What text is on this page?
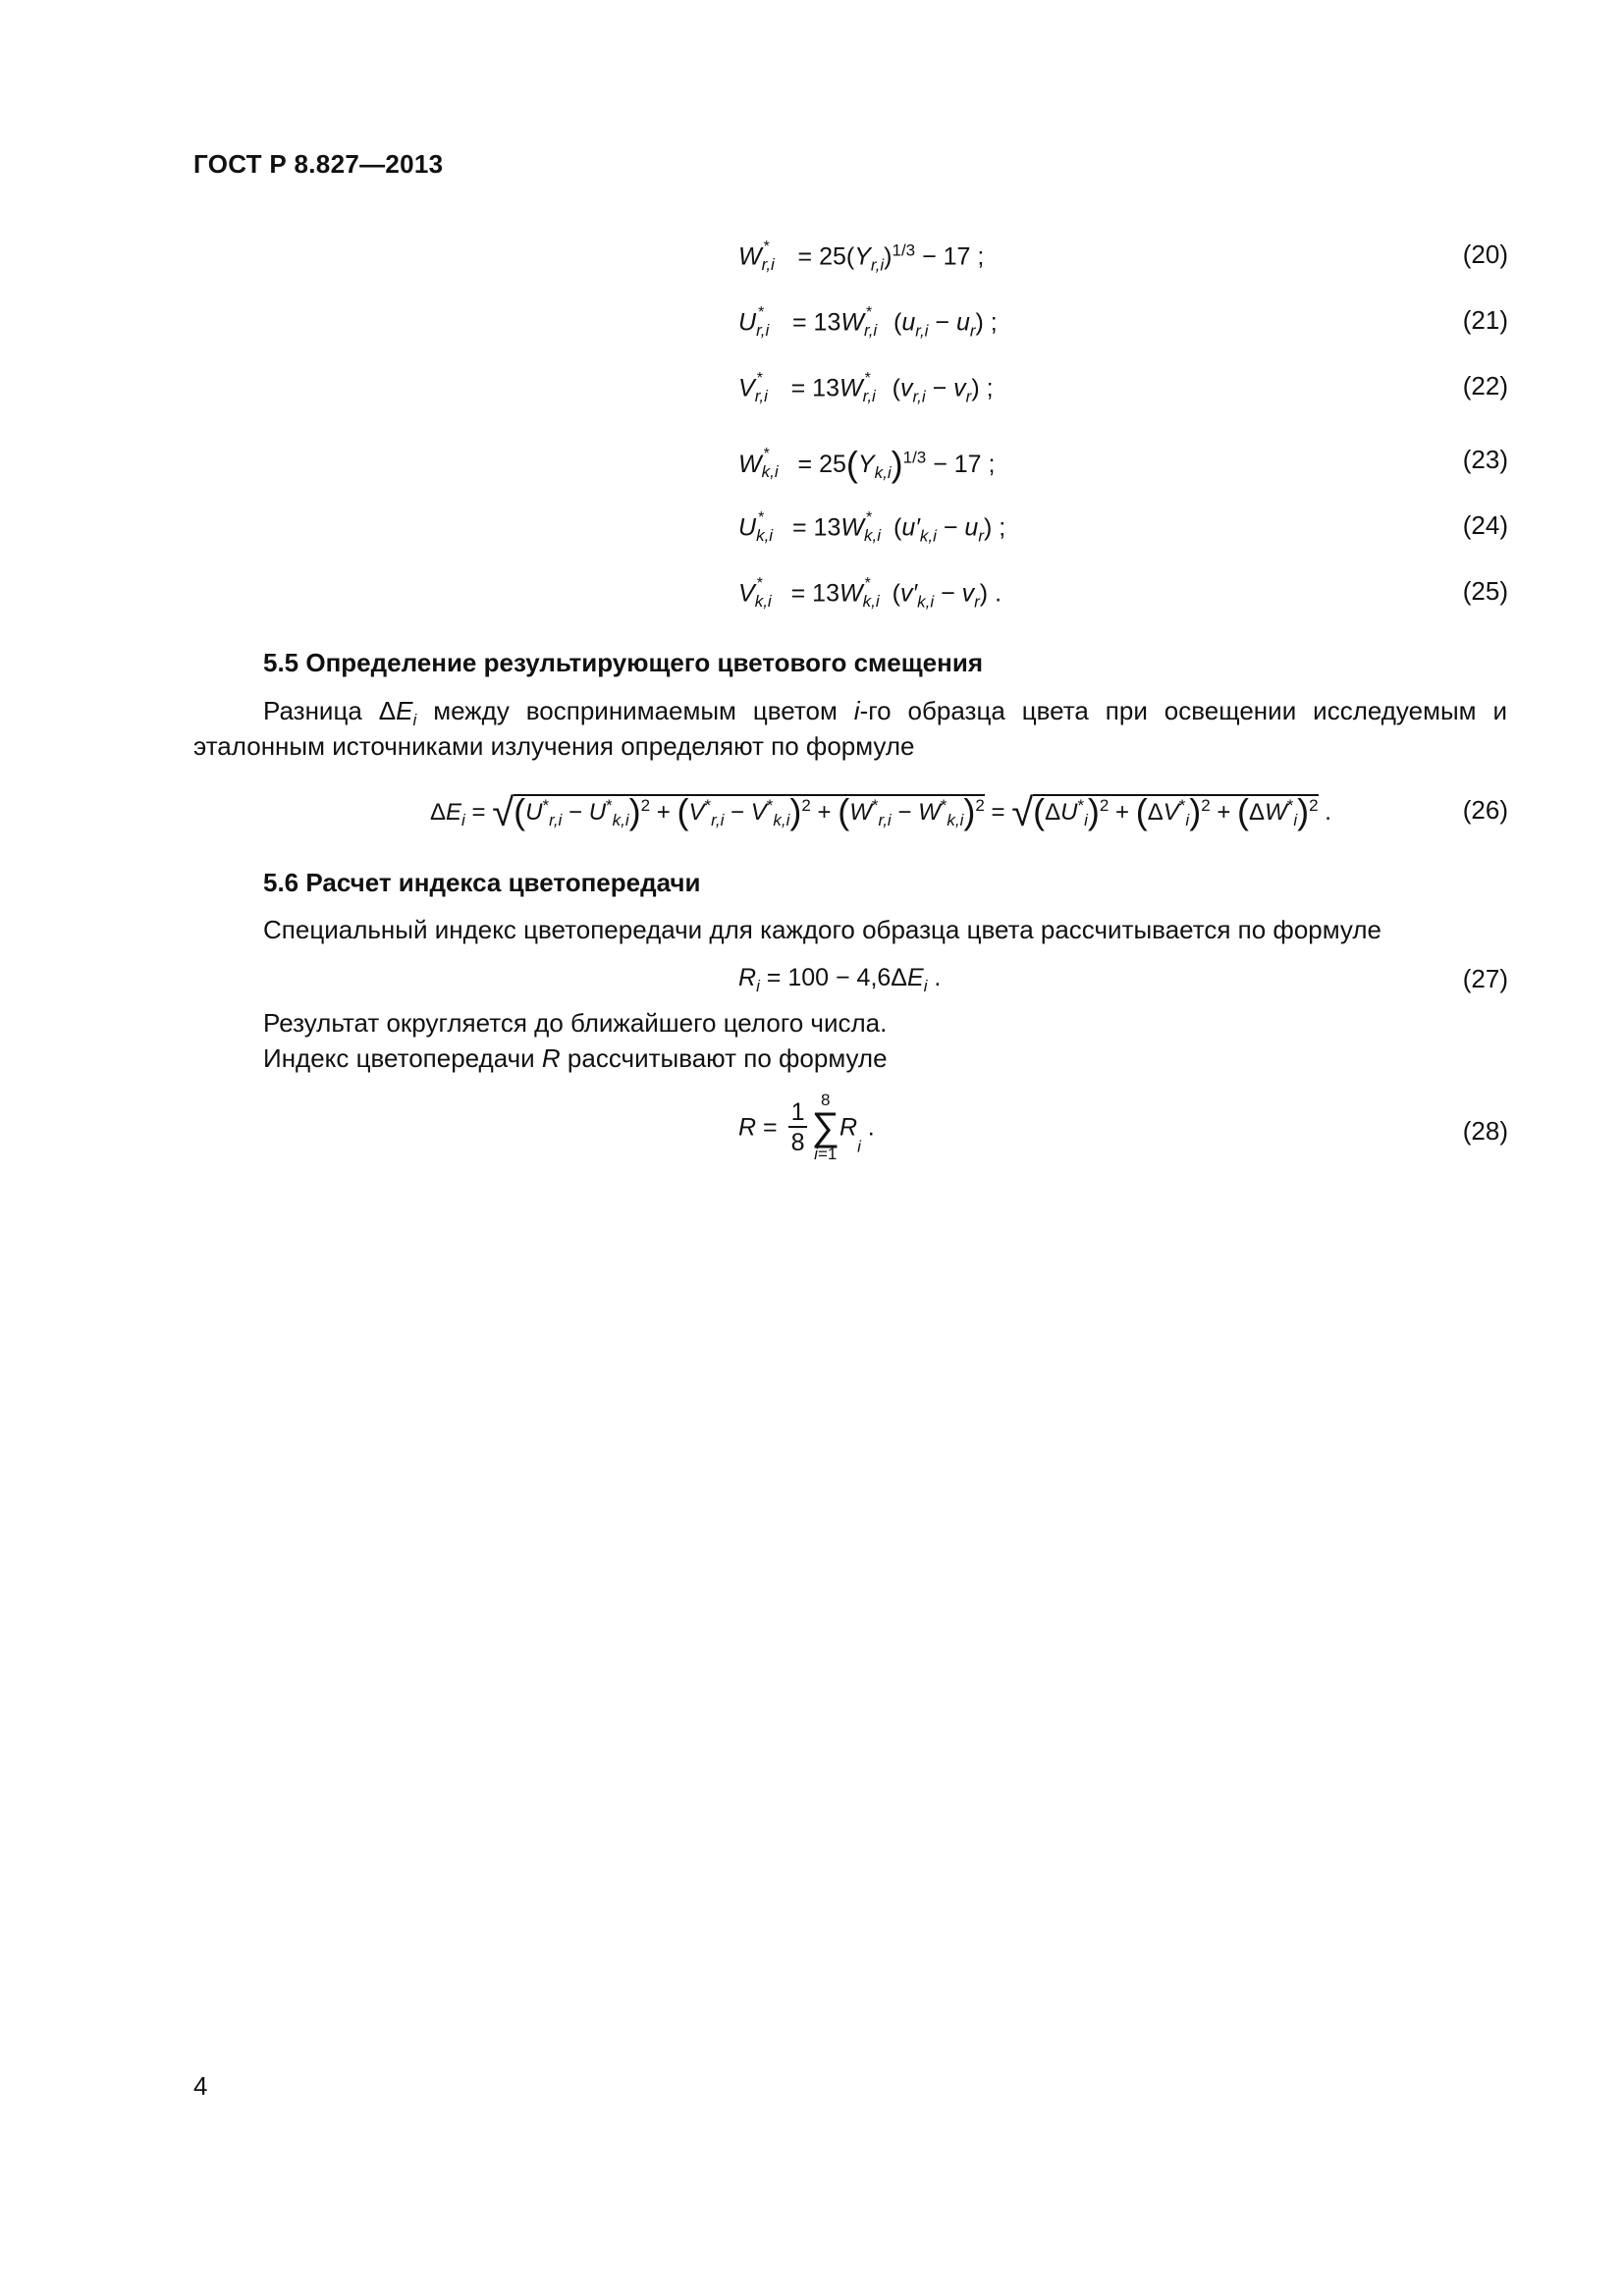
ГОСТ Р 8.827—2013
W *
$r,i = 25(Y_{r,i})^{1/3} - 17$ ;	(20)
U *
r,i = 13W *
r,i $(u_{r,i} - u_r)$ ;	(21)
V *
r,i = 13W *
r,i $(v_{r,i} - v_r)$ ;	(22)
W *
$k,i = 25(Y_{k,i})^{1/3} - 17$ ;	(23)
U *
k,i = 13W *
k,i $(u'_{k,i} - u_r)$ ;	(24)
V *
k,i = 13W *
k,i $(v'_{k,i} - v_r)$ .	(25)
5.5 Определение результирующего цветового смещения
Разница $\Delta E_i$ между воспринимаемым цветом i-го образца цвета при освещении исследуемым и эталонным источниками излучения определяют по формуле
$\Delta E_i = √(U^*_{r,i} - U^*_{k,i})^2 + (V^*_{r,i} - V^*_{k,i})^2 + (W^*_{r,i} - W^*_{k,i})^2 = √(\Delta U^*_i)^2 + (\Delta V^*_i)^2 + (\Delta W^*_i)^2$ .	(26)
5.6 Расчет индекса цветопередачи
Специальный индекс цветопередачи для каждого образца цвета рассчитывается по формуле
$R_i = 100 - 4,6\Delta E_i$ .	(27)
Результат округляется до ближайшего целого числа.
Индекс цветопередачи R рассчитывают по формуле
$R = \frac{1}{8} 8$
∑
i=1
$R_i$ .	(28)
4
